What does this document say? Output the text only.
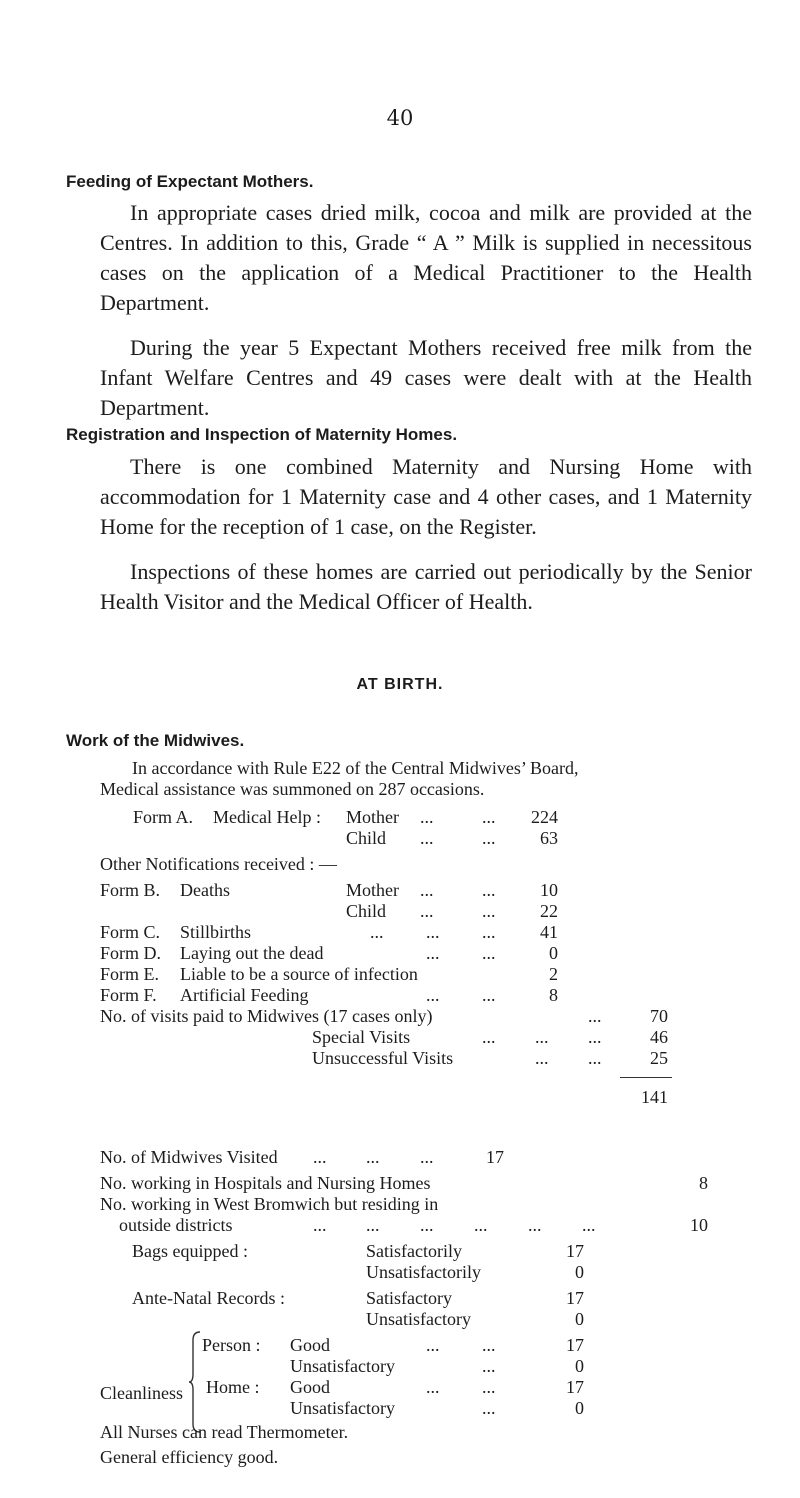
40
Feeding of Expectant Mothers.

In appropriate cases dried milk, cocoa and milk are provided at the Centres. In addition to this, Grade “ A ” Milk is supplied in necessitous cases on the application of a Medical Practitioner to the Health Department.

During the year 5 Expectant Mothers received free milk from the Infant Welfare Centres and 49 cases were dealt with at the Health Department.

Registration and Inspection of Maternity Homes.

There is one combined Maternity and Nursing Home with accommodation for 1 Maternity case and 4 other cases, and 1 Maternity Home for the reception of 1 case, on the Register.

Inspections of these homes are carried out periodically by the Senior Health Visitor and the Medical Officer of Health.

AT BIRTH.
Work of the Midwives.
In accordance with Rule E22 of the Central Midwives’ Board,
Medical assistance was summoned on 287 occasions.
Form A. Medical Help : Mother ...	...	224
Child ...	...	63
Other Notifications received : —
Form B. Deaths	Mother ...	...	10
Child ...	...	22
Form C. Stillbirths	... ... ...	41
Form D. Laying out the dead	... ...	0
Form E. Liable to be a source of infection	2
Form F. Artificial Feeding	... ...	8
No. of visits paid to Midwives (17 cases only)	...	70
Special Visits	... ... ...	46
Unsuccessful Visits	... ...	25
141
No. of Midwives Visited ... ... ...	17
No. working in Hospitals and Nursing Homes	8
No. working in West Bromwich but residing in
outside districts	... ... ... ... ... ...	10
Bags equipped :	Satisfactorily	17
Unsatisfactorily	0
Ante-Natal Records :	Satisfactory	17
Unsatisfactory	0
Cleanliness
Person : Good	... ...	17
Unsatisfactory	...	0
Home : Good	... ...	17
Unsatisfactory	...	0
All Nurses can read Thermometer.
General efficiency good.
